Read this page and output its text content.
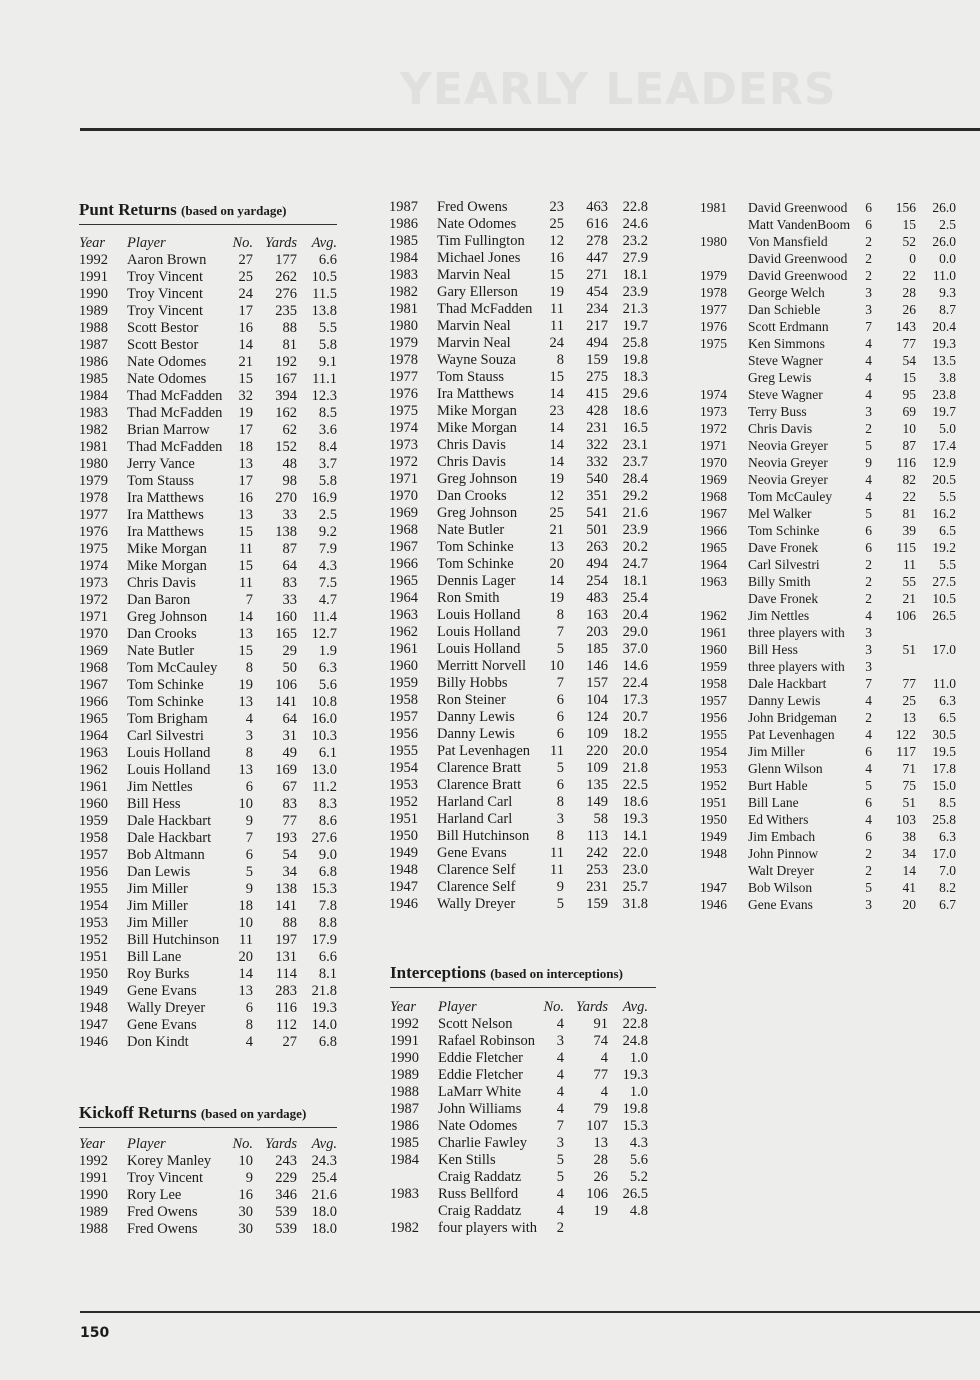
YEARLY LEADERS
Punt Returns (based on yardage)
Year Player	No. Yards Avg.
1992 Aaron Brown 27 177 6.6
1991 Troy Vincent 25 262 10.5
1990 Troy Vincent 24 276 11.5
1989 Troy Vincent 17 235 13.8
1988 Scott Bestor	16 88 5.5
1987 Scott Bestor	14 81 5.8
1986 Nate Odomes 21 192 9.1
1985 Nate Odomes 15 167 11.1
1984 Thad McFadden 32 394 12.3
1983 Thad McFadden 19 162 8.5
1982 Brian Marrow 17 62 3.6
1981 Thad McFadden 18 152 8.4
1980 Jerry Vance	13 48 3.7
1979 Tom Stauss	17 98 5.8
1978 Ira Matthews 16 270 16.9
1977 Ira Matthews 13 33 2.5
1976 Ira Matthews 15 138 9.2
1975 Mike Morgan 11 87 7.9
1974 Mike Morgan 15 64 4.3
1973 Chris Davis	11 83 7.5
1972 Dan Baron	7 33 4.7
1971 Greg Johnson 14 160 11.4
1970 Dan Crooks	13 165 12.7
1969 Nate Butler	15 29 1.9
1968 Tom McCauley 8 50 6.3
1967 Tom Schinke 19 106 5.6
1966 Tom Schinke 13 141 10.8
1965 Tom Brigham	4 64 16.0
1964 Carl Silvestri	3 31 10.3
1963 Louis Holland 8 49 6.1
1962 Louis Holland 13 169 13.0
1961 Jim Nettles	6 67 11.2
1960 Bill Hess	10 83 8.3
1959 Dale Hackbart 9 77 8.6
1958 Dale Hackbart 7 193 27.6
1957 Bob Altmann	6 54 9.0
1956 Dan Lewis	5 34 6.8
1955 Jim Miller	9 138 15.3
1954 Jim Miller	18 141 7.8
1953 Jim Miller	10 88 8.8
1952 Bill Hutchinson 11 197 17.9
1951 Bill Lane	20 131 6.6
1950 Roy Burks	14 114 8.1
1949 Gene Evans	13 283 21.8
1948 Wally Dreyer	6 116 19.3
1947 Gene Evans	8 112 14.0
1946 Don Kindt	4 27 6.8
Kickoff Returns (based on yardage)
Year Player	No. Yards Avg.
1992 Korey Manley 10 243 24.3
1991 Troy Vincent	9 229 25.4
1990 Rory Lee	16 346 21.6
1989 Fred Owens	30 539 18.0
1988 Fred Owens	30 539 18.0
1987 Fred Owens	23 463 22.8
1986 Nate Odomes 25 616 24.6
1985 Tim Fullington 12 278 23.2
1984 Michael Jones 16 447 27.9
1983 Marvin Neal	15 271 18.1
1982 Gary Ellerson 19 454 23.9
1981 Thad McFadden 11 234 21.3
1980 Marvin Neal	11 217 19.7
1979 Marvin Neal	24 494 25.8
1978 Wayne Souza	8 159 19.8
1977 Tom Stauss	15 275 18.3
1976 Ira Matthews 14 415 29.6
1975 Mike Morgan 23 428 18.6
1974 Mike Morgan 14 231 16.5
1973 Chris Davis	14 322 23.1
1972 Chris Davis	14 332 23.7
1971 Greg Johnson 19 540 28.4
1970 Dan Crooks	12 351 29.2
1969 Greg Johnson 25 541 21.6
1968 Nate Butler	21 501 23.9
1967 Tom Schinke 13 263 20.2
1966 Tom Schinke 20 494 24.7
1965 Dennis Lager 14 254 18.1
1964 Ron Smith	19 483 25.4
1963 Louis Holland	8 163 20.4
1962 Louis Holland	7 203 29.0
1961 Louis Holland	5 185 37.0
1960 Merritt Norvell 10 146 14.6
1959 Billy Hobbs	7 157 22.4
1958 Ron Steiner	6 104 17.3
1957 Danny Lewis	6 124 20.7
1956 Danny Lewis	6 109 18.2
1955 Pat Levenhagen 11 220 20.0
1954 Clarence Bratt 5 109 21.8
1953 Clarence Bratt 6 135 22.5
1952 Harland Carl	8 149 18.6
1951 Harland Carl	3 58 19.3
1950 Bill Hutchinson 8 113 14.1
1949 Gene Evans	11 242 22.0
1948 Clarence Self 11 253 23.0
1947 Clarence Self	9 231 25.7
1946 Wally Dreyer	5 159 31.8
Interceptions (based on interceptions)
Year Player	No. Yards Avg.
1992 Scott Nelson	4 91 22.8
1991 Rafael Robinson 3 74 24.8
1990 Eddie Fletcher 4	4 1.0
1989 Eddie Fletcher 4 77 19.3
1988 LaMarr White 4	4 1.0
1987 John Williams 4 79 19.8
1986 Nate Odomes	7 107 15.3
1985 Charlie Fawley 3 13 4.3
1984 Ken Stills	5 28 5.6
Craig Raddatz 5 26 5.2
1983 Russ Bellford	4 106 26.5
Craig Raddatz 4 19 4.8
1982 four players with 2
1981 David Greenwood 6 156 26.0
Matt VandenBoom 6 15 2.5
1980 Von Mansfield	2 52 26.0
David Greenwood 2	0 0.0
1979 David Greenwood 2 22 11.0
1978 George Welch	3 28 9.3
1977 Dan Schieble	3 26 8.7
1976 Scott Erdmann	7 143 20.4
1975 Ken Simmons	4 77 19.3
Steve Wagner	4 54 13.5
Greg Lewis	4 15 3.8
1974 Steve Wagner	4 95 23.8
1973 Terry Buss	3 69 19.7
1972 Chris Davis	2 10 5.0
1971 Neovia Greyer	5 87 17.4
1970 Neovia Greyer	9 116 12.9
1969 Neovia Greyer	4 82 20.5
1968 Tom McCauley 4 22 5.5
1967 Mel Walker	5 81 16.2
1966 Tom Schinke	6 39 6.5
1965 Dave Fronek	6 115 19.2
1964 Carl Silvestri	2 11 5.5
1963 Billy Smith	2 55 27.5
Dave Fronek	2 21 10.5
1962 Jim Nettles	4 106 26.5
1961 three players with 3
1960 Bill Hess	3 51 17.0
1959 three players with 3
1958 Dale Hackbart	7 77 11.0
1957 Danny Lewis	4 25 6.3
1956 John Bridgeman 2 13 6.5
1955 Pat Levenhagen 4 122 30.5
1954 Jim Miller	6 117 19.5
1953 Glenn Wilson	4 71 17.8
1952 Burt Hable	5 75 15.0
1951 Bill Lane	6 51 8.5
1950 Ed Withers	4 103 25.8
1949 Jim Embach	6 38 6.3
1948 John Pinnow	2 34 17.0
Walt Dreyer	2 14 7.0
1947 Bob Wilson	5 41 8.2
1946 Gene Evans	3 20 6.7
150
